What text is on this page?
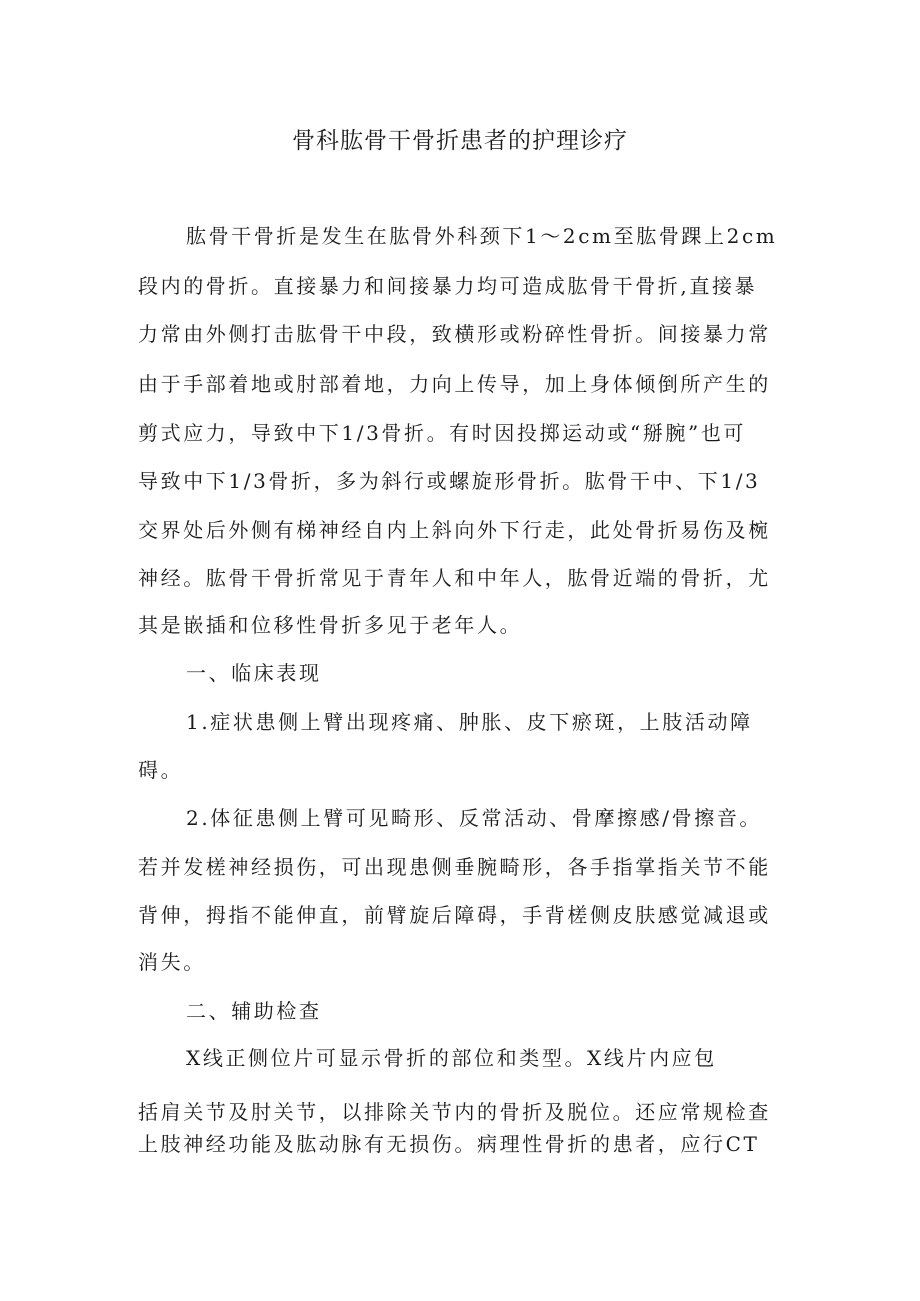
骨科肱骨干骨折患者的护理诊疗
肱骨干骨折是发生在肱骨外科颈下1～2cm至肱骨踝上2cm
段内的骨折。直接暴力和间接暴力均可造成肱骨干骨折,直接暴
力常由外侧打击肱骨干中段，致横形或粉碎性骨折。间接暴力常
由于手部着地或肘部着地，力向上传导，加上身体倾倒所产生的
剪式应力，导致中下1/3骨折。有时因投掷运动或“掰腕”也可
导致中下1/3骨折，多为斜行或螺旋形骨折。肱骨干中、下1/3
交界处后外侧有梯神经自内上斜向外下行走，此处骨折易伤及椀
神经。肱骨干骨折常见于青年人和中年人，肱骨近端的骨折，尤
其是嵌插和位移性骨折多见于老年人。
一、临床表现
1.症状患侧上臂出现疼痛、肿胀、皮下瘀斑，上肢活动障
碍。
2.体征患侧上臂可见畸形、反常活动、骨摩擦感/骨擦音。
若并发槎神经损伤，可出现患侧垂腕畸形，各手指掌指关节不能
背伸，拇指不能伸直，前臂旋后障碍，手背槎侧皮肤感觉减退或
消失。
二、辅助检查
X线正侧位片可显示骨折的部位和类型。X线片内应包
括肩关节及肘关节，以排除关节内的骨折及脱位。还应常规检查
上肢神经功能及肱动脉有无损伤。病理性骨折的患者，应行CT
